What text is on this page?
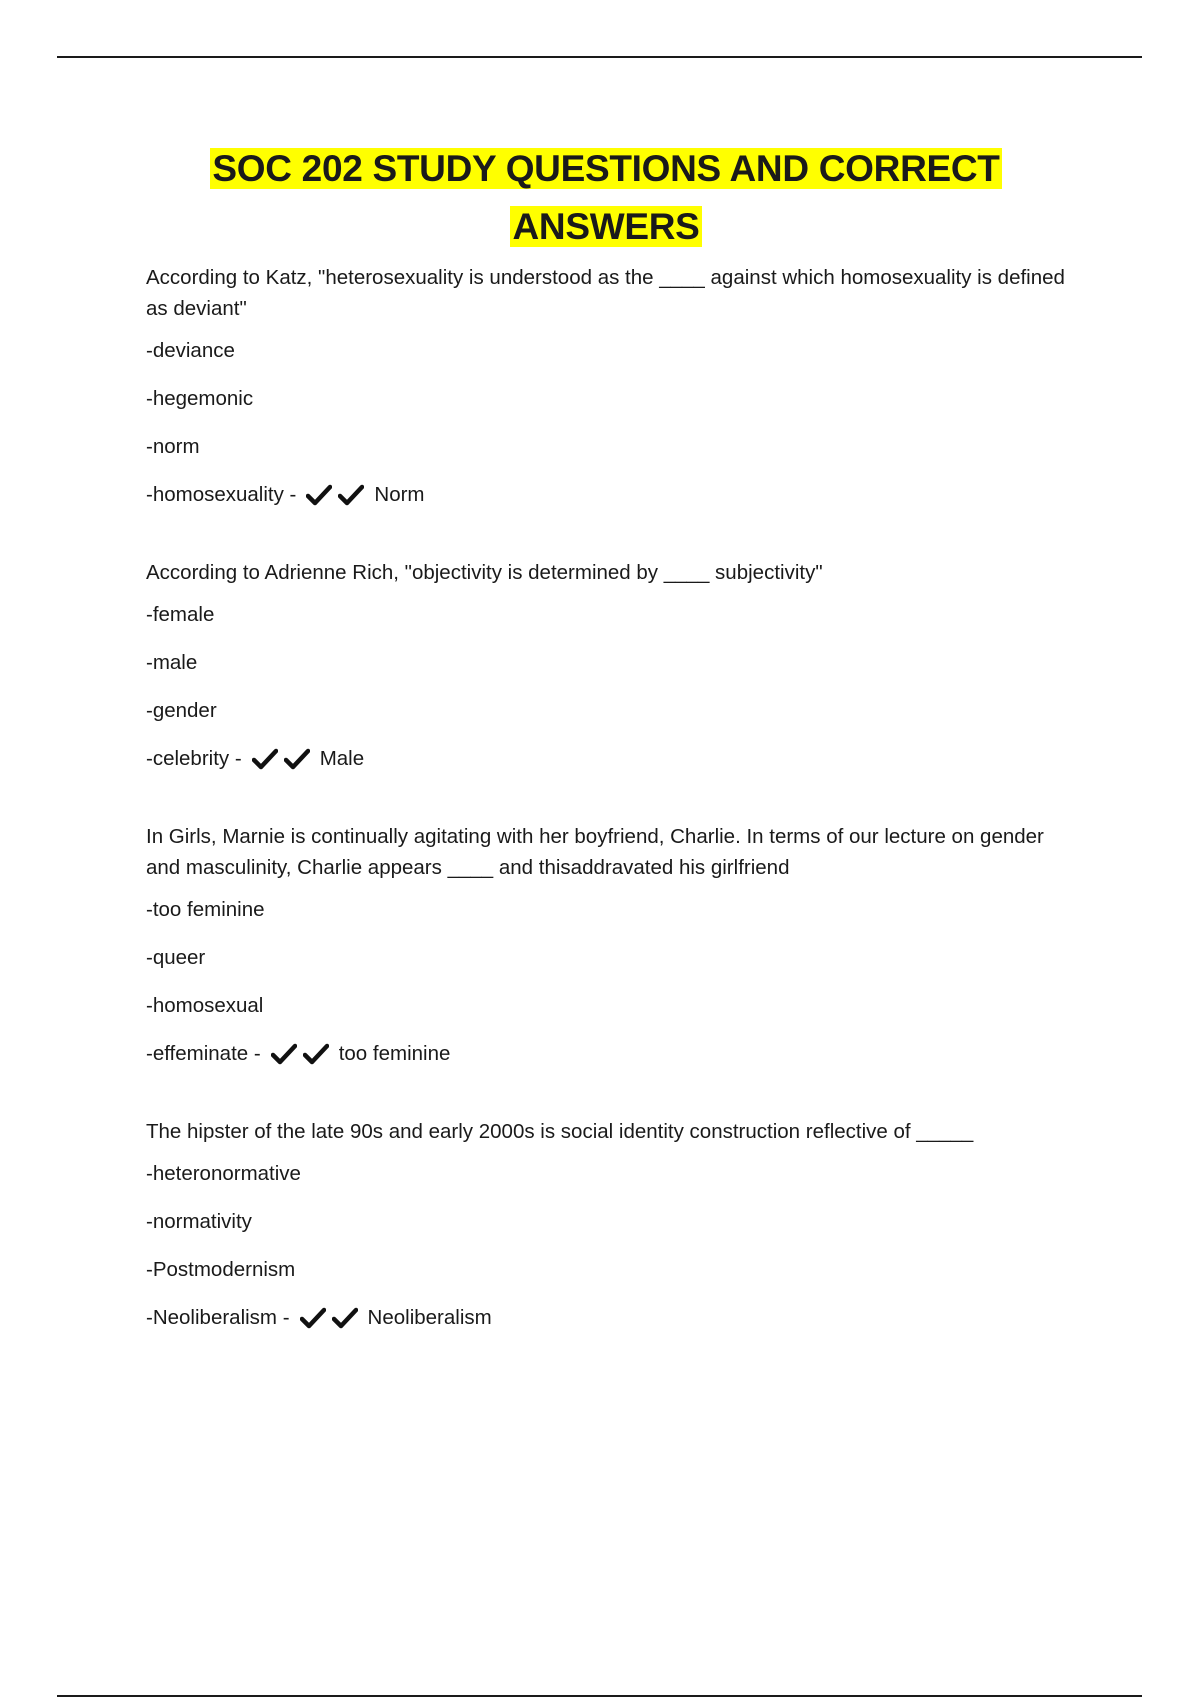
SOC 202 STUDY QUESTIONS AND CORRECT ANSWERS

According to Katz, "heterosexuality is understood as the ____ against which homosexuality is defined as deviant"

-deviance

-hegemonic

-norm

-homosexuality -	Norm

According to Adrienne Rich, "objectivity is determined by ____ subjectivity"

-female

-male

-gender

-celebrity -	Male

In Girls, Marnie is continually agitating with her boyfriend, Charlie. In terms of our lecture on gender and masculinity, Charlie appears ____ and thisaddravated his girlfriend

-too feminine

-queer

-homosexual

-effeminate -	too feminine

The hipster of the late 90s and early 2000s is social identity construction reflective of _____

-heteronormative

-normativity

-Postmodernism

-Neoliberalism -	Neoliberalism
